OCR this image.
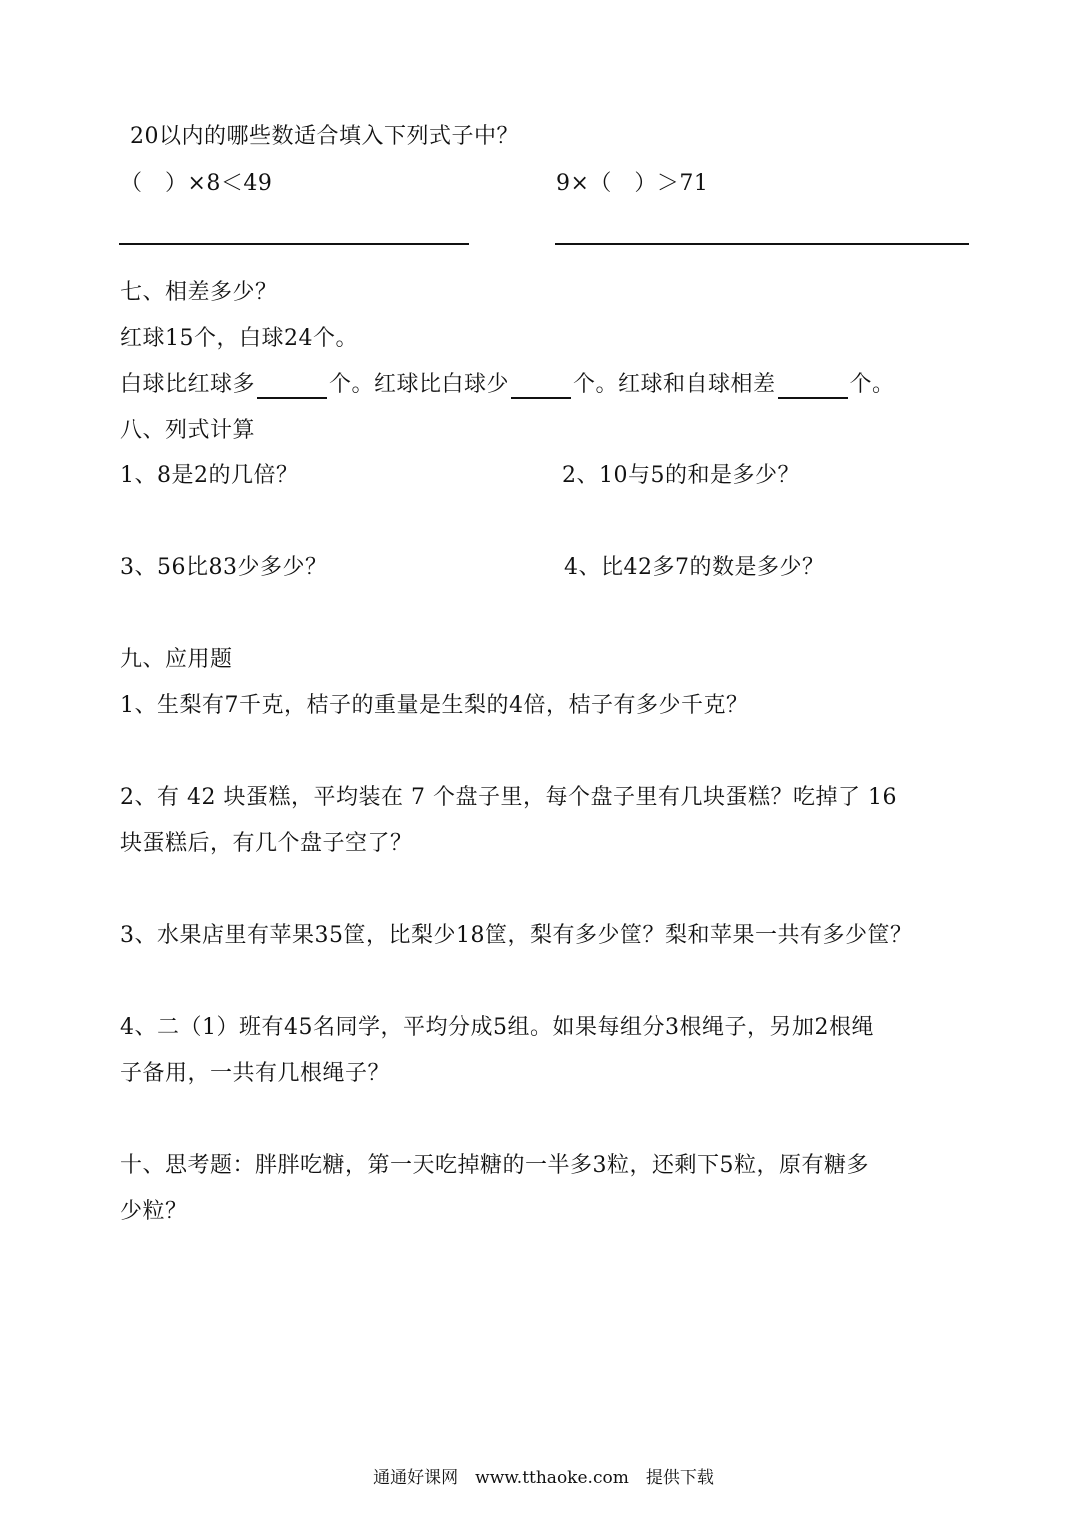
20以内的哪些数适合填入下列式子中？
（　）×8＜49	9×（　）＞71
七、相差多少？
红球15个，白球24个。
白球比红球多	个。红球比白球少	个。红球和自球相差	个。
八、列式计算
1、8是2的几倍？	2、10与5的和是多少？
3、56比83少多少？	4、比42多7的数是多少？
九、应用题
1、生梨有7千克，桔子的重量是生梨的4倍，桔子有多少千克？
2、有 42 块蛋糕，平均装在 7 个盘子里，每个盘子里有几块蛋糕？吃掉了 16
块蛋糕后，有几个盘子空了？
3、水果店里有苹果35筐，比梨少18筐，梨有多少筐？梨和苹果一共有多少筐？
4、二（1）班有45名同学，平均分成5组。如果每组分3根绳子，另加2根绳
子备用，一共有几根绳子？
十、思考题：胖胖吃糖，第一天吃掉糖的一半多3粒，还剩下5粒，原有糖多
少粒？
通通好课网　www.tthaoke.com　提供下载
